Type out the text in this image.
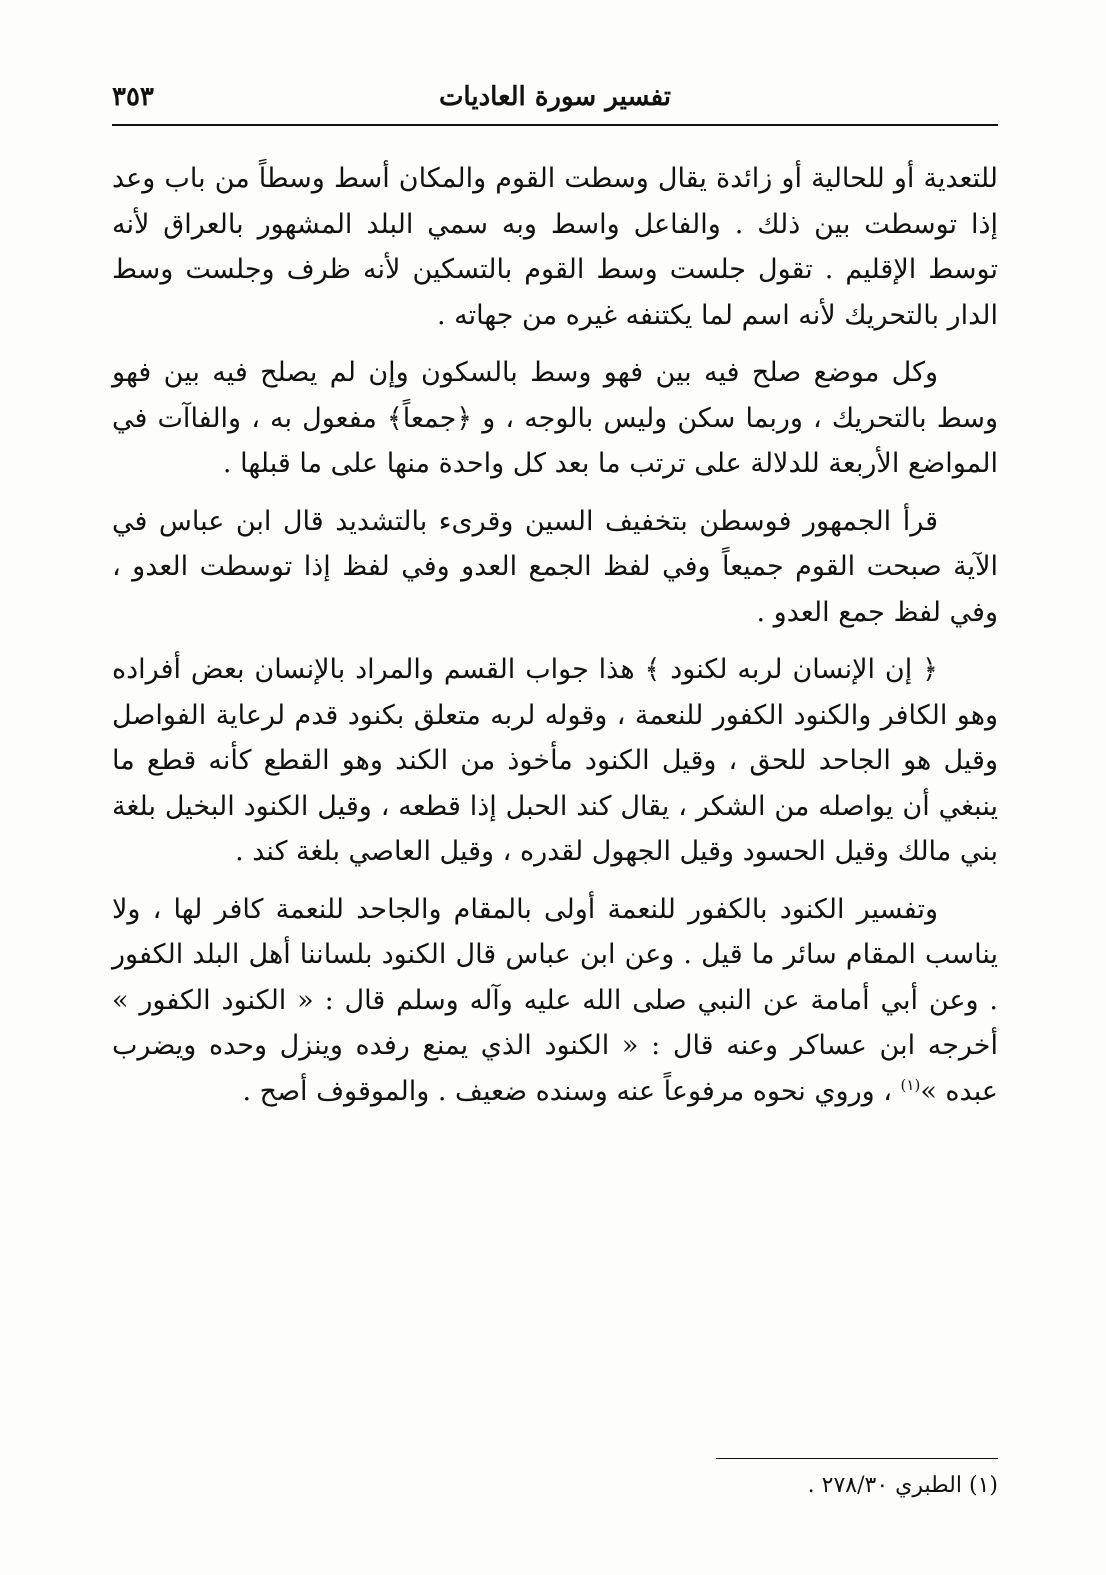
تفسير سورة العاديات
٣٥٣

للتعدية أو للحالية أو زائدة يقال وسطت القوم والمكان أسط وسطاً من باب وعد إذا توسطت بين ذلك . والفاعل واسط وبه سمي البلد المشهور بالعراق لأنه توسط الإقليم . تقول جلست وسط القوم بالتسكين لأنه ظرف وجلست وسط الدار بالتحريك لأنه اسم لما يكتنفه غيره من جهاته .

وكل موضع صلح فيه بين فهو وسط بالسكون وإن لم يصلح فيه بين فهو وسط بالتحريك ، وربما سكن وليس بالوجه ، و ﴿جمعاً﴾ مفعول به ، والفاآت في المواضع الأربعة للدلالة على ترتب ما بعد كل واحدة منها على ما قبلها .

قرأ الجمهور فوسطن بتخفيف السين وقرىء بالتشديد قال ابن عباس في الآية صبحت القوم جميعاً وفي لفظ الجمع العدو وفي لفظ إذا توسطت العدو ، وفي لفظ جمع العدو .

﴿ إن الإنسان لربه لكنود ﴾ هذا جواب القسم والمراد بالإنسان بعض أفراده وهو الكافر والكنود الكفور للنعمة ، وقوله لربه متعلق بكنود قدم لرعاية الفواصل وقيل هو الجاحد للحق ، وقيل الكنود مأخوذ من الكند وهو القطع كأنه قطع ما ينبغي أن يواصله من الشكر ، يقال كند الحبل إذا قطعه ، وقيل الكنود البخيل بلغة بني مالك وقيل الحسود وقيل الجهول لقدره ، وقيل العاصي بلغة كند .

وتفسير الكنود بالكفور للنعمة أولى بالمقام والجاحد للنعمة كافر لها ، ولا يناسب المقام سائر ما قيل . وعن ابن عباس قال الكنود بلساننا أهل البلد الكفور . وعن أبي أمامة عن النبي صلى الله عليه وآله وسلم قال : « الكنود الكفور » أخرجه ابن عساكر وعنه قال : « الكنود الذي يمنع رفده وينزل وحده ويضرب عبده »$^{(١)}$ ، وروي نحوه مرفوعاً عنه وسنده ضعيف . والموقوف أصح .

(١) الطبري ٢٧٨/٣٠ .
